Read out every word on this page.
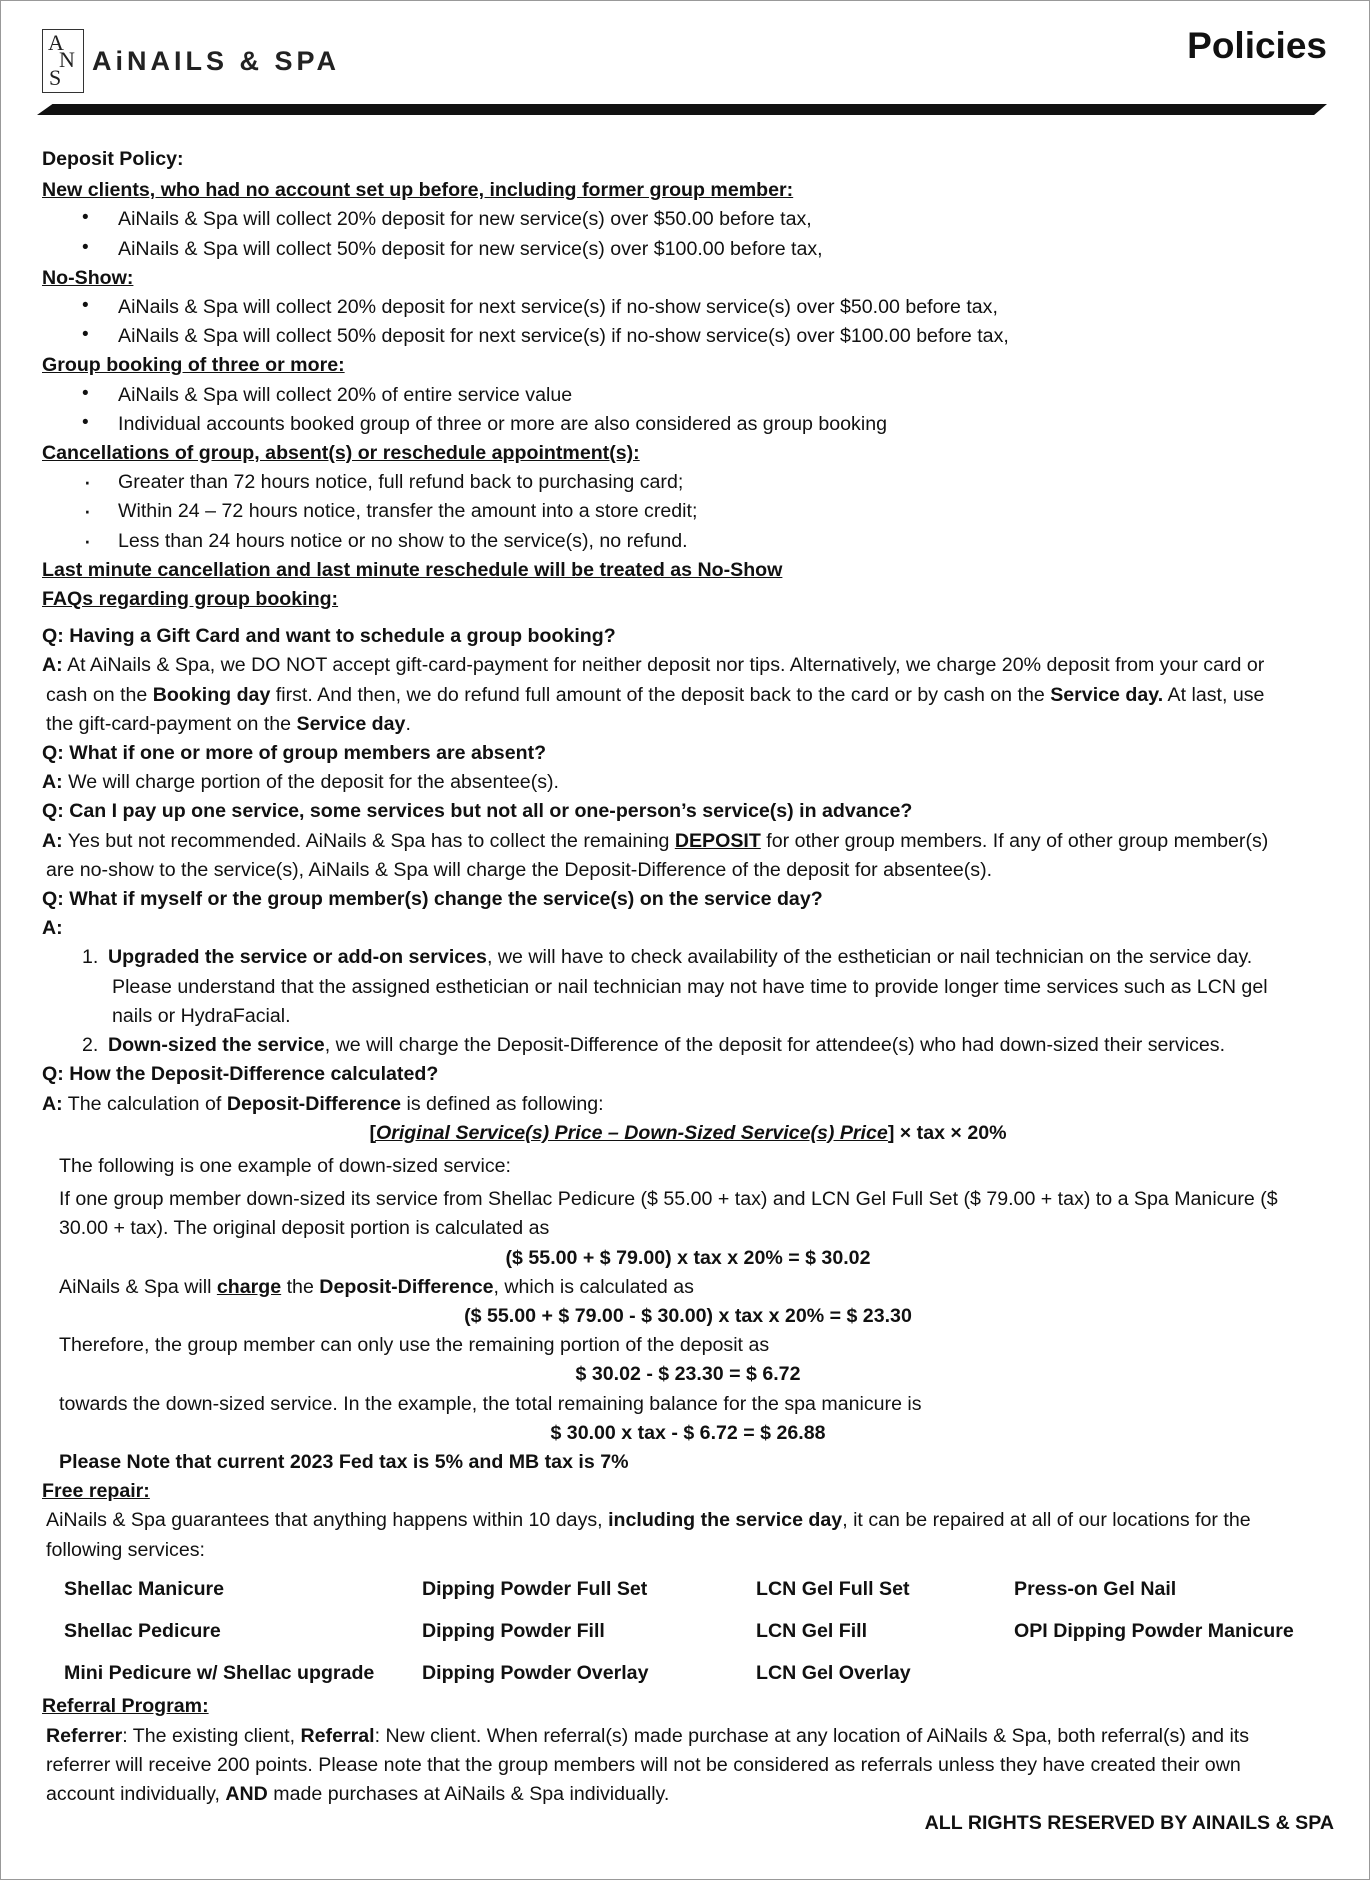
A
N
S
AiNAILS & SPA	Policies
Deposit Policy:
New clients, who had no account set up before, including former group member:
• AiNails & Spa will collect 20% deposit for new service(s) over $50.00 before tax,
• AiNails & Spa will collect 50% deposit for new service(s) over $100.00 before tax,
No-Show:
• AiNails & Spa will collect 20% deposit for next service(s) if no-show service(s) over $50.00 before tax,
• AiNails & Spa will collect 50% deposit for next service(s) if no-show service(s) over $100.00 before tax,
Group booking of three or more:
• AiNails & Spa will collect 20% of entire service value
• Individual accounts booked group of three or more are also considered as group booking
Cancellations of group, absent(s) or reschedule appointment(s):
· Greater than 72 hours notice, full refund back to purchasing card;
· Within 24 – 72 hours notice, transfer the amount into a store credit;
· Less than 24 hours notice or no show to the service(s), no refund.
Last minute cancellation and last minute reschedule will be treated as No-Show
FAQs regarding group booking:
Q: Having a Gift Card and want to schedule a group booking?
A: At AiNails & Spa, we DO NOT accept gift-card-payment for neither deposit nor tips. Alternatively, we charge 20% deposit from your card or
cash on the Booking day first. And then, we do refund full amount of the deposit back to the card or by cash on the Service day. At last, use
the gift-card-payment on the Service day.
Q: What if one or more of group members are absent?
A: We will charge portion of the deposit for the absentee(s).
Q: Can I pay up one service, some services but not all or one-person’s service(s) in advance?
A: Yes but not recommended. AiNails & Spa has to collect the remaining DEPOSIT for other group members. If any of other group member(s)
are no-show to the service(s), AiNails & Spa will charge the Deposit-Difference of the deposit for absentee(s).
Q: What if myself or the group member(s) change the service(s) on the service day?
A:
1. Upgraded the service or add-on services, we will have to check availability of the esthetician or nail technician on the service day.
Please understand that the assigned esthetician or nail technician may not have time to provide longer time services such as LCN gel
nails or HydraFacial.
2. Down-sized the service, we will charge the Deposit-Difference of the deposit for attendee(s) who had down-sized their services.
Q: How the Deposit-Difference calculated?
A: The calculation of Deposit-Difference is defined as following:
[Original Service(s) Price – Down-Sized Service(s) Price] × tax × 20%
The following is one example of down-sized service:
If one group member down-sized its service from Shellac Pedicure ($ 55.00 + tax) and LCN Gel Full Set ($ 79.00 + tax) to a Spa Manicure ($
30.00 + tax). The original deposit portion is calculated as
($ 55.00 + $ 79.00) x tax x 20% = $ 30.02
AiNails & Spa will charge the Deposit-Difference, which is calculated as
($ 55.00 + $ 79.00 - $ 30.00) x tax x 20% = $ 23.30
Therefore, the group member can only use the remaining portion of the deposit as
$ 30.02 - $ 23.30 = $ 6.72
towards the down-sized service. In the example, the total remaining balance for the spa manicure is
$ 30.00 x tax - $ 6.72 = $ 26.88
Please Note that current 2023 Fed tax is 5% and MB tax is 7%
Free repair:
AiNails & Spa guarantees that anything happens within 10 days, including the service day, it can be repaired at all of our locations for the
following services:
Shellac Manicure	Dipping Powder Full Set	LCN Gel Full Set	Press-on Gel Nail
Shellac Pedicure	Dipping Powder Fill	LCN Gel Fill	OPI Dipping Powder Manicure
Mini Pedicure w/ Shellac upgrade	Dipping Powder Overlay	LCN Gel Overlay
Referral Program:
Referrer: The existing client, Referral: New client. When referral(s) made purchase at any location of AiNails & Spa, both referral(s) and its
referrer will receive 200 points. Please note that the group members will not be considered as referrals unless they have created their own
account individually, AND made purchases at AiNails & Spa individually.
ALL RIGHTS RESERVED BY AINAILS & SPA
